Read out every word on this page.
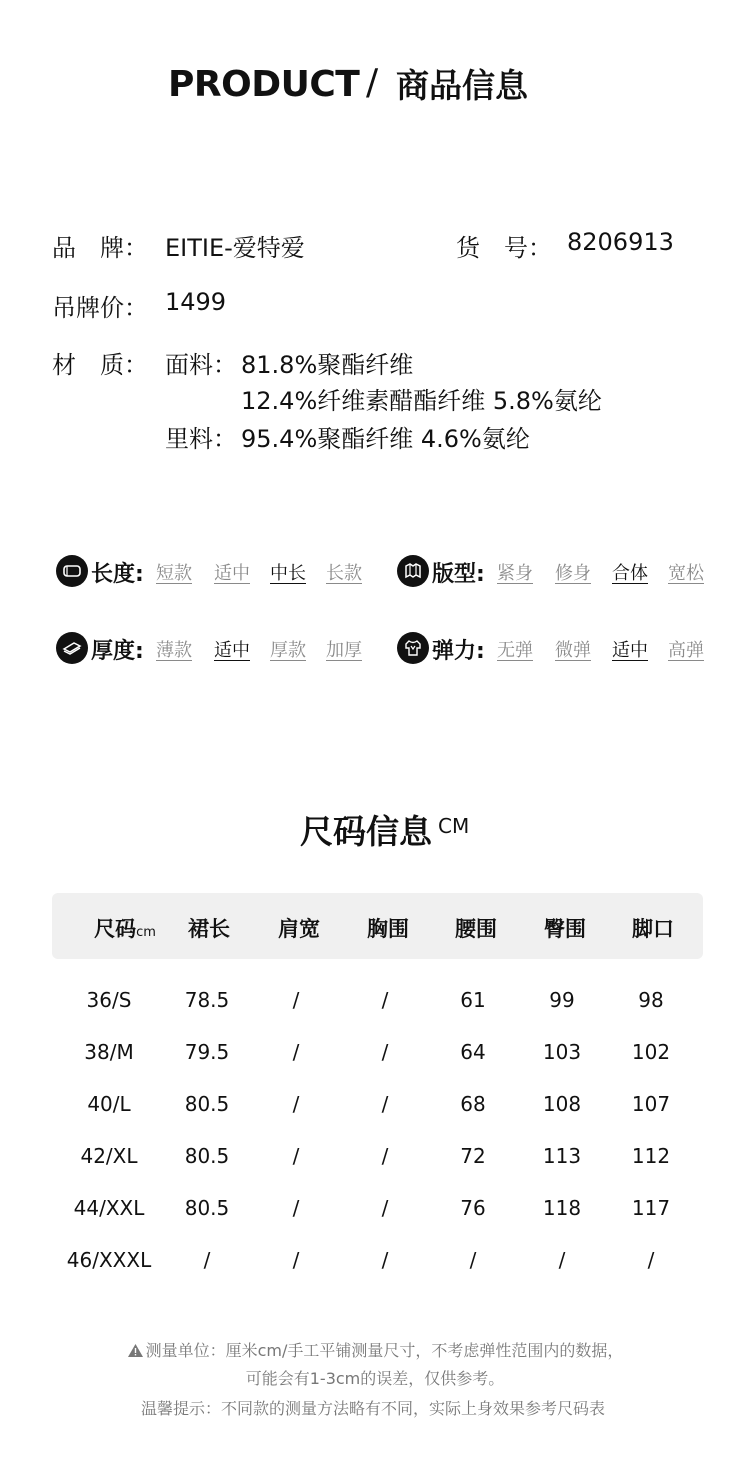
PRODUCT / 商品信息
品　牌： EITIE-爱特爱	货　号： 8206913
吊牌价： 1499
材　质： 面料： 81.8%聚酯纤维
12.4%纤维素醋酯纤维 5.8%氨纶
里料： 95.4%聚酯纤维 4.6%氨纶
长度: 短款 适中 中长 长款	版型: 紧身 修身 合体 宽松
厚度: 薄款 适中 厚款 加厚	弹力: 无弹 微弹 适中 高弹
尺码信息 $^{CM}$
尺码cm	裙长	肩宽	胸围	腰围	臀围	脚口
36/S	78.5	/	/	61	99	98
38/M	79.5	/	/	64	103	102
40/L	80.5	/	/	68	108	107
42/XL	80.5	/	/	72	113	112
44/XXL	80.5	/	/	76	118	117
46/XXXL	/	/	/	/	/	/
测量单位：厘米cm/手工平铺测量尺寸，不考虑弹性范围内的数据，
可能会有1-3cm的误差，仅供参考。
温馨提示：不同款的测量方法略有不同，实际上身效果参考尺码表
